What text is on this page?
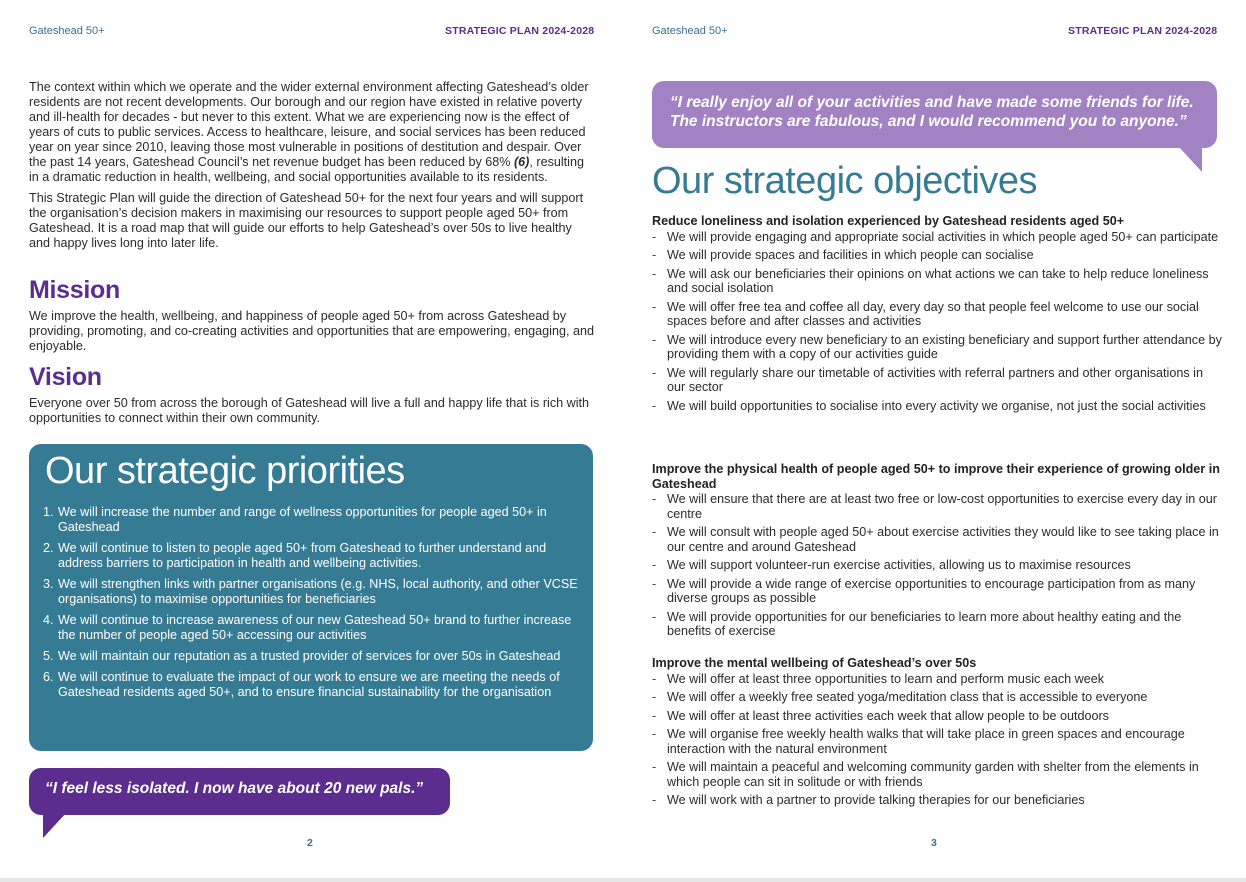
Gateshead 50+	STRATEGIC PLAN 2024-2028

The context within which we operate and the wider external environment affecting Gateshead’s older residents are not recent developments. Our borough and our region have existed in relative poverty and ill-health for decades - but never to this extent. What we are experiencing now is the effect of years of cuts to public services. Access to healthcare, leisure, and social services has been reduced year on year since 2010, leaving those most vulnerable in positions of destitution and despair. Over the past 14 years, Gateshead Council’s net revenue budget has been reduced by 68% (6), resulting in a dramatic reduction in health, wellbeing, and social opportunities available to its residents.

This Strategic Plan will guide the direction of Gateshead 50+ for the next four years and will support the organisation’s decision makers in maximising our resources to support people aged 50+ from Gateshead. It is a road map that will guide our efforts to help Gateshead’s over 50s to live healthy and happy lives long into later life.

Mission
We improve the health, wellbeing, and happiness of people aged 50+ from across Gateshead by providing, promoting, and co-creating activities and opportunities that are empowering, engaging, and enjoyable.
Vision
Everyone over 50 from across the borough of Gateshead will live a full and happy life that is rich with opportunities to connect within their own community.
Our strategic priorities
1. We will increase the number and range of wellness opportunities for people aged 50+ in Gateshead
2. We will continue to listen to people aged 50+ from Gateshead to further understand and address barriers to participation in health and wellbeing activities.
3. We will strengthen links with partner organisations (e.g. NHS, local authority, and other VCSE organisations) to maximise opportunities for beneficiaries
4. We will continue to increase awareness of our new Gateshead 50+ brand to further increase the number of people aged 50+ accessing our activities
5. We will maintain our reputation as a trusted provider of services for over 50s in Gateshead
6. We will continue to evaluate the impact of our work to ensure we are meeting the needs of Gateshead residents aged 50+, and to ensure financial sustainability for the organisation
“I feel less isolated. I now have about 20 new pals.”
2
Gateshead 50+	STRATEGIC PLAN 2024-2028
3
“I really enjoy all of your activities and have made some friends for life. The instructors are fabulous, and I would recommend you to anyone.”
Our strategic objectives
Reduce loneliness and isolation experienced by Gateshead residents aged 50+
- We will provide engaging and appropriate social activities in which people aged 50+ can participate
- We will provide spaces and facilities in which people can socialise
- We will ask our beneficiaries their opinions on what actions we can take to help reduce loneliness and social isolation
- We will offer free tea and coffee all day, every day so that people feel welcome to use our social spaces before and after classes and activities
- We will introduce every new beneficiary to an existing beneficiary and support further attendance by providing them with a copy of our activities guide
- We will regularly share our timetable of activities with referral partners and other organisations in our sector
- We will build opportunities to socialise into every activity we organise, not just the social activities
Improve the physical health of people aged 50+ to improve their experience of growing older in Gateshead
- We will ensure that there are at least two free or low-cost opportunities to exercise every day in our centre
- We will consult with people aged 50+ about exercise activities they would like to see taking place in our centre and around Gateshead
- We will support volunteer-run exercise activities, allowing us to maximise resources
- We will provide a wide range of exercise opportunities to encourage participation from as many diverse groups as possible
- We will provide opportunities for our beneficiaries to learn more about healthy eating and the benefits of exercise
Improve the mental wellbeing of Gateshead’s over 50s
- We will offer at least three opportunities to learn and perform music each week
- We will offer a weekly free seated yoga/meditation class that is accessible to everyone
- We will offer at least three activities each week that allow people to be outdoors
- We will organise free weekly health walks that will take place in green spaces and encourage interaction with the natural environment
- We will maintain a peaceful and welcoming community garden with shelter from the elements in which people can sit in solitude or with friends
- We will work with a partner to provide talking therapies for our beneficiaries
